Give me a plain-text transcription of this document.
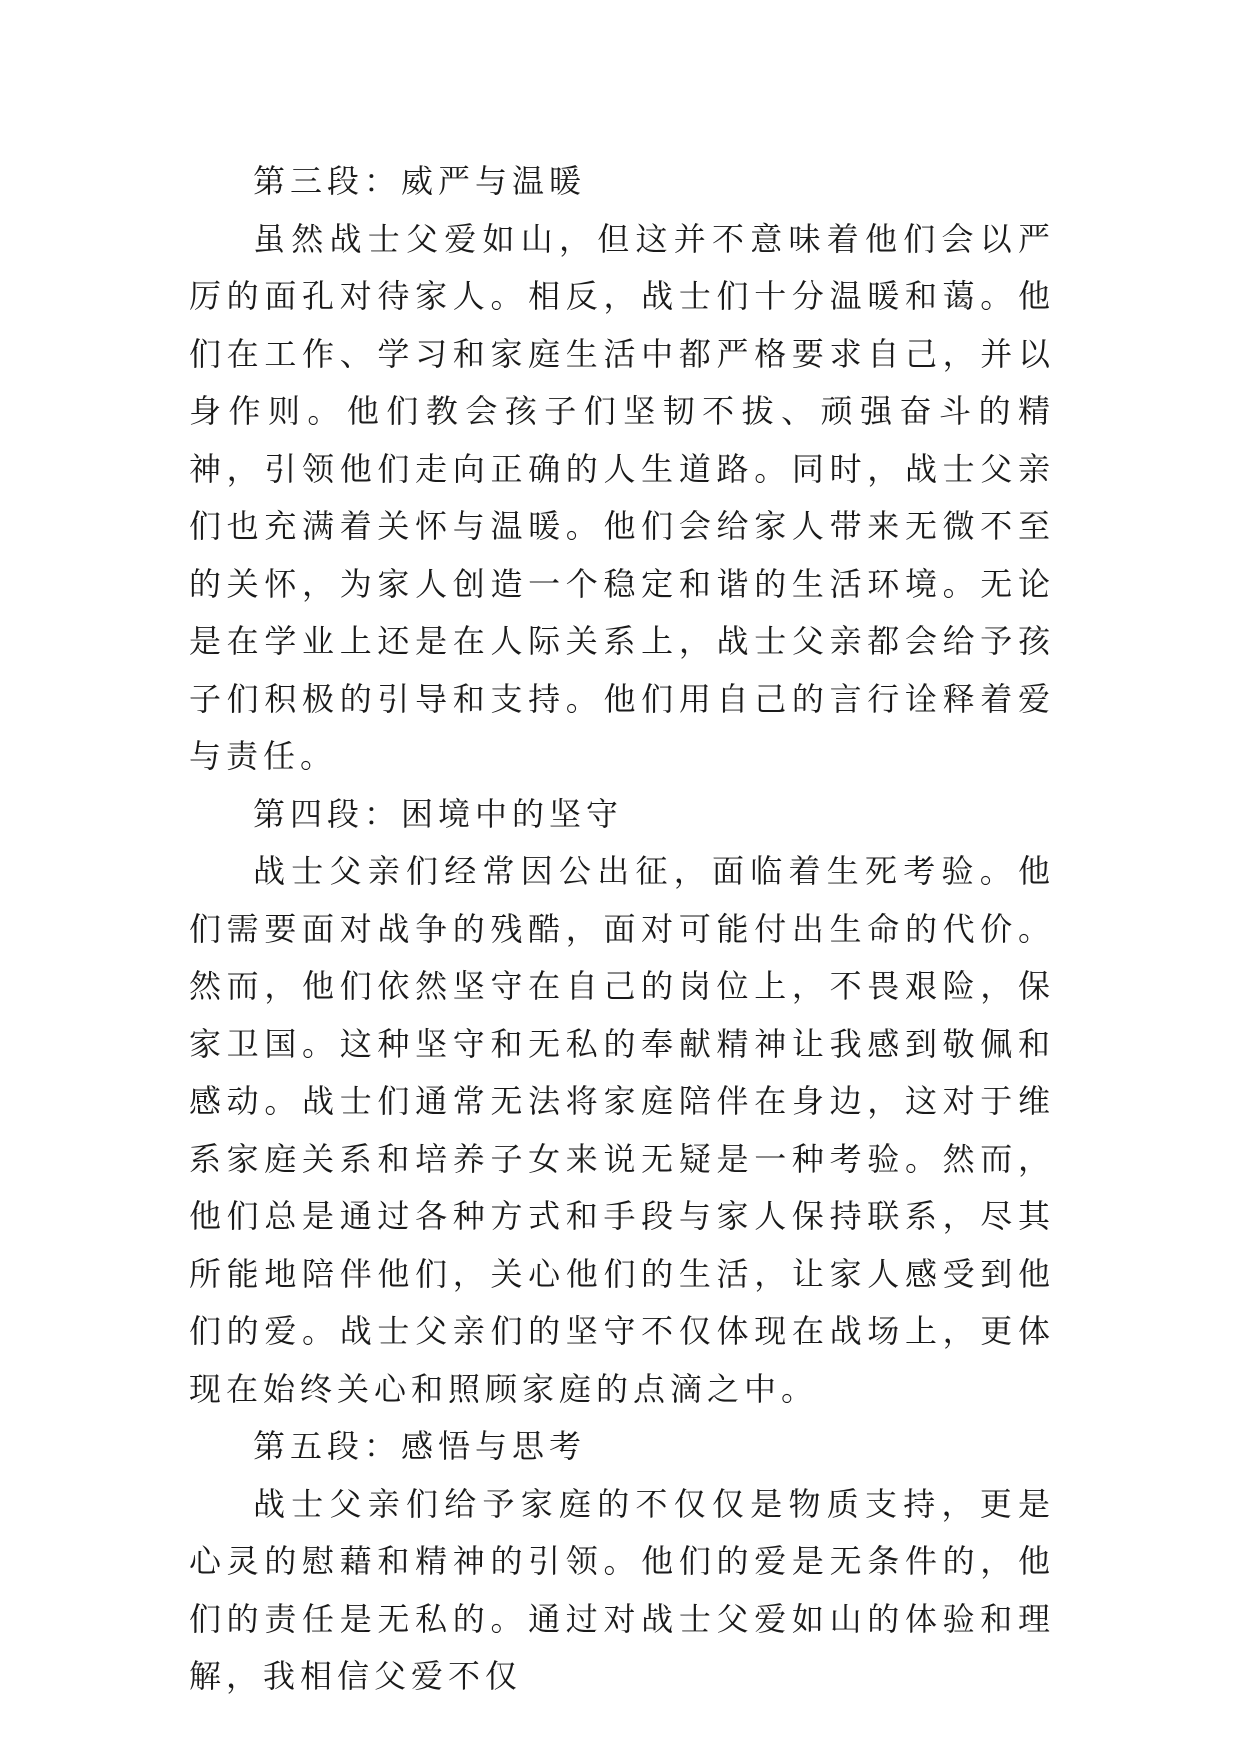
第三段：威严与温暖

虽然战士父爱如山，但这并不意味着他们会以严厉的面孔对待家人。相反，战士们十分温暖和蔼。他们在工作、学习和家庭生活中都严格要求自己，并以身作则。他们教会孩子们坚韧不拔、顽强奋斗的精神，引领他们走向正确的人生道路。同时，战士父亲们也充满着关怀与温暖。他们会给家人带来无微不至的关怀，为家人创造一个稳定和谐的生活环境。无论是在学业上还是在人际关系上，战士父亲都会给予孩子们积极的引导和支持。他们用自己的言行诠释着爱与责任。

第四段：困境中的坚守

战士父亲们经常因公出征，面临着生死考验。他们需要面对战争的残酷，面对可能付出生命的代价。然而，他们依然坚守在自己的岗位上，不畏艰险，保家卫国。这种坚守和无私的奉献精神让我感到敬佩和感动。战士们通常无法将家庭陪伴在身边，这对于维系家庭关系和培养子女来说无疑是一种考验。然而，他们总是通过各种方式和手段与家人保持联系，尽其所能地陪伴他们，关心他们的生活，让家人感受到他们的爱。战士父亲们的坚守不仅体现在战场上，更体现在始终关心和照顾家庭的点滴之中。

第五段：感悟与思考

战士父亲们给予家庭的不仅仅是物质支持，更是心灵的慰藉和精神的引领。他们的爱是无条件的，他们的责任是无私的。通过对战士父爱如山的体验和理解，我相信父爱不仅
